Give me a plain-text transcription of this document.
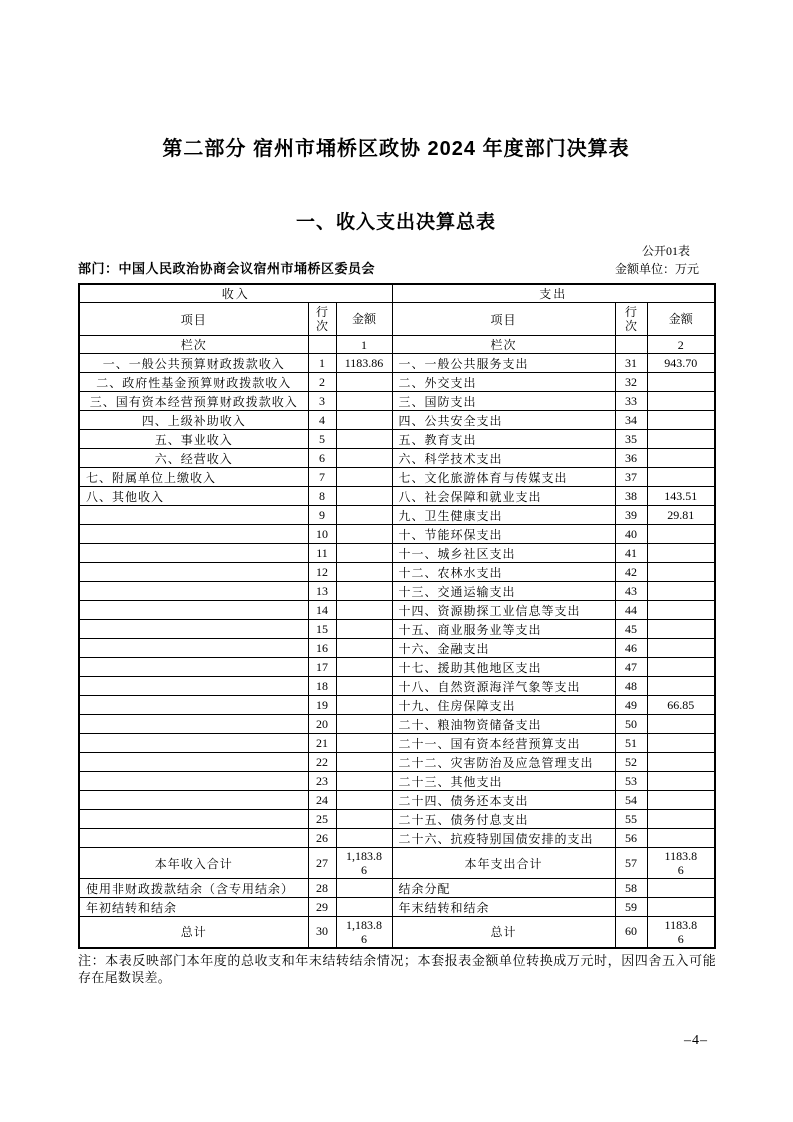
第二部分 宿州市埇桥区政协 2024 年度部门决算表
一、收入支出决算总表
公开01表
部门：中国人民政治协商会议宿州市埇桥区委员会	金额单位：万元
收入			支出		
项目	行次	金额	项目	行次	金额
栏次		1	栏次		2
一、一般公共预算财政拨款收入	1	1183.86	一、一般公共服务支出	31	943.70
二、政府性基金预算财政拨款收入	2		二、外交支出	32	
三、国有资本经营预算财政拨款收入	3		三、国防支出	33	
四、上级补助收入	4		四、公共安全支出	34	
五、事业收入	5		五、教育支出	35	
六、经营收入	6		六、科学技术支出	36	
七、附属单位上缴收入	7		七、文化旅游体育与传媒支出	37	
八、其他收入	8		八、社会保障和就业支出	38	143.51
	9		九、卫生健康支出	39	29.81
	10		十、节能环保支出	40	
	11		十一、城乡社区支出	41	
	12		十二、农林水支出	42	
	13		十三、交通运输支出	43	
	14		十四、资源勘探工业信息等支出	44	
	15		十五、商业服务业等支出	45	
	16		十六、金融支出	46	
	17		十七、援助其他地区支出	47	
	18		十八、自然资源海洋气象等支出	48	
	19		十九、住房保障支出	49	66.85
	20		二十、粮油物资储备支出	50	
	21		二十一、国有资本经营预算支出	51	
	22		二十二、灾害防治及应急管理支出	52	
	23		二十三、其他支出	53	
	24		二十四、债务还本支出	54	
	25		二十五、债务付息支出	55	
	26		二十六、抗疫特别国债安排的支出	56	
本年收入合计	27	1,183.86	本年支出合计	57	1183.86
使用非财政拨款结余（含专用结余）	28		结余分配	58	
年初结转和结余	29		年末结转和结余	59	
总计	30	1,183.86	总计	60	1183.86
注：本表反映部门本年度的总收支和年末结转结余情况；本套报表金额单位转换成万元时，因四舍五入可能存在尾数误差。
–4–
